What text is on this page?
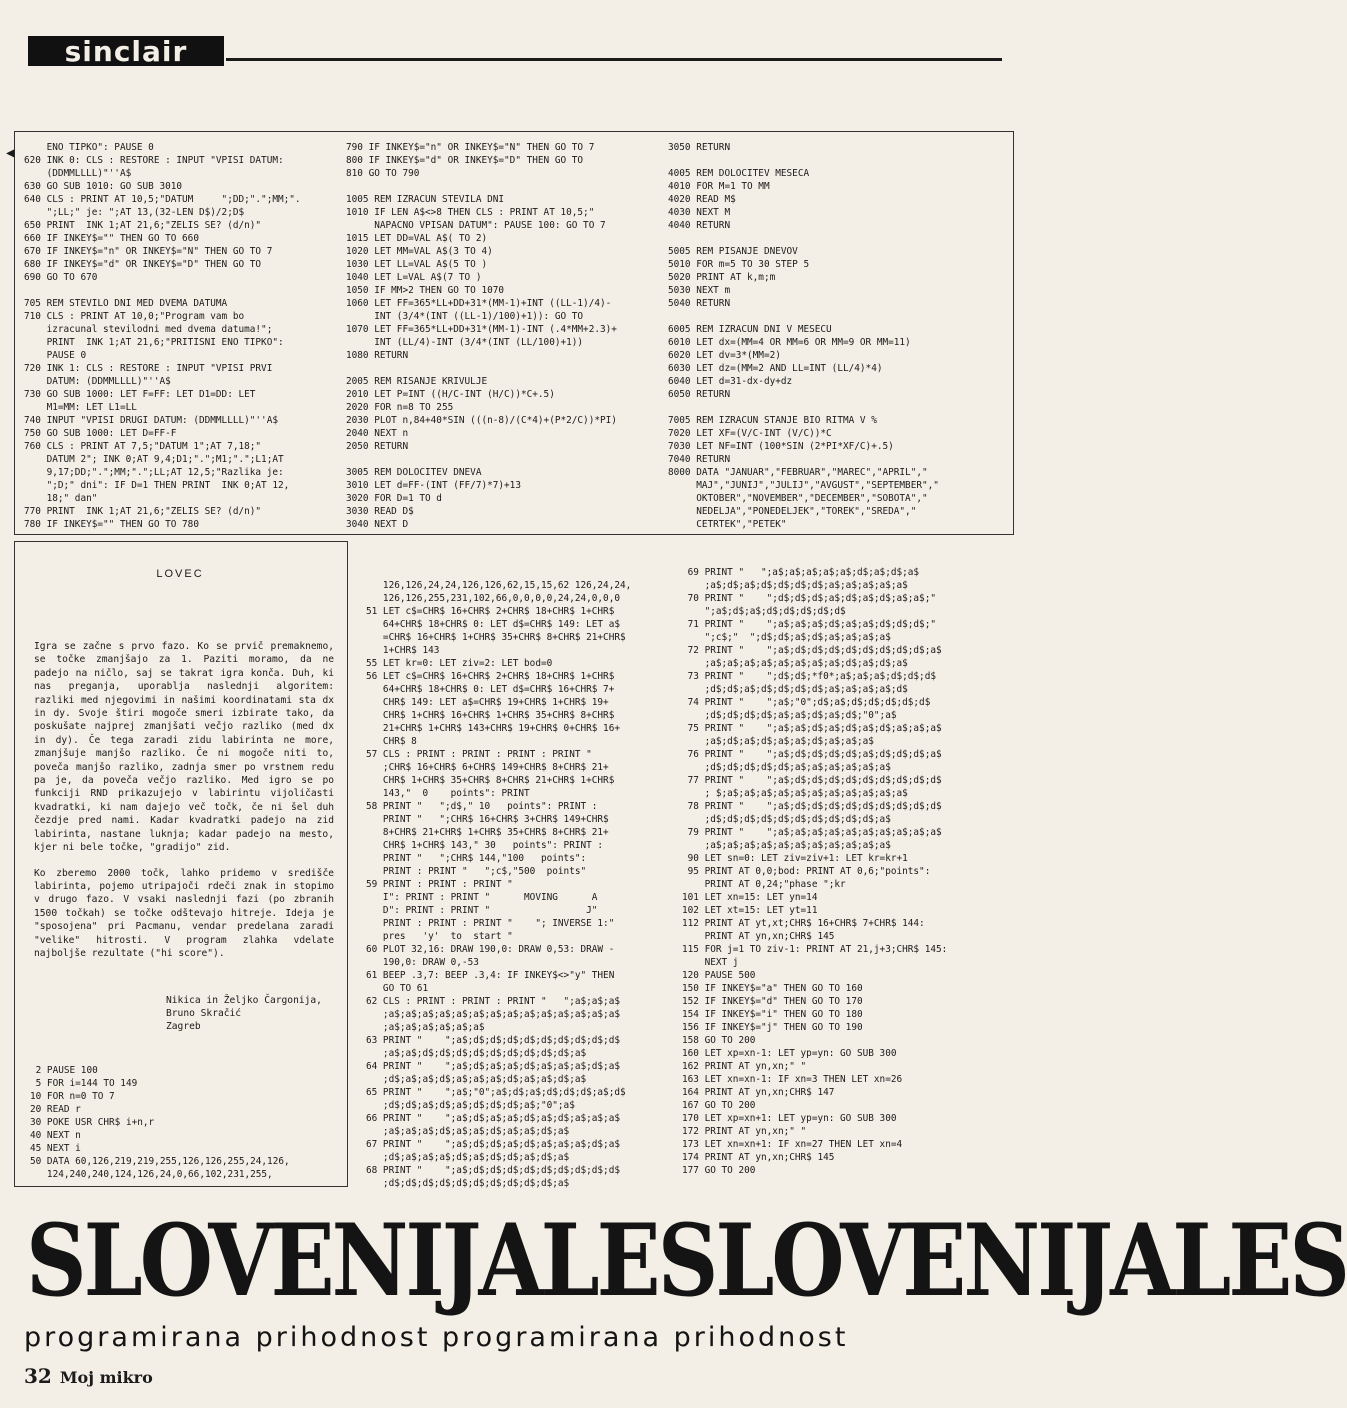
sinclair
◀	ENO TIPKO": PAUSE 0
620 INK 0: CLS : RESTORE : INPUT "VPISI DATUM:
(DDMMLLLL)"''A$
630 GO SUB 1010: GO SUB 3010
640 CLS : PRINT AT 10,5;"DATUM     ";DD;".";MM;".
";LL;" je: ";AT 13,(32-LEN D$)/2;D$
650 PRINT  INK 1;AT 21,6;"ZELIS SE? (d/n)"
660 IF INKEY$="" THEN GO TO 660
670 IF INKEY$="n" OR INKEY$="N" THEN GO TO 7
680 IF INKEY$="d" OR INKEY$="D" THEN GO TO
690 GO TO 670

705 REM STEVILO DNI MED DVEMA DATUMA
710 CLS : PRINT AT 10,0;"Program vam bo
izracunal stevilodni med dvema datuma!";
PRINT  INK 1;AT 21,6;"PRITISNI ENO TIPKO":
PAUSE 0
720 INK 1: CLS : RESTORE : INPUT "VPISI PRVI
DATUM: (DDMMLLLL)"''A$
730 GO SUB 1000: LET F=FF: LET D1=DD: LET
M1=MM: LET L1=LL
740 INPUT "VPISI DRUGI DATUM: (DDMMLLLL)"''A$
750 GO SUB 1000: LET D=FF-F
760 CLS : PRINT AT 7,5;"DATUM 1";AT 7,18;"
DATUM 2"; INK 0;AT 9,4;D1;".";M1;".";L1;AT
9,17;DD;".";MM;".";LL;AT 12,5;"Razlika je:
";D;" dni": IF D=1 THEN PRINT  INK 0;AT 12,
18;" dan"
770 PRINT  INK 1;AT 21,6;"ZELIS SE? (d/n)"
780 IF INKEY$="" THEN GO TO 780
790 IF INKEY$="n" OR INKEY$="N" THEN GO TO 7
800 IF INKEY$="d" OR INKEY$="D" THEN GO TO
810 GO TO 790

1005 REM IZRACUN STEVILA DNI
1010 IF LEN A$<>8 THEN CLS : PRINT AT 10,5;"
NAPACNO VPISAN DATUM": PAUSE 100: GO TO 7
1015 LET DD=VAL A$( TO 2)
1020 LET MM=VAL A$(3 TO 4)
1030 LET LL=VAL A$(5 TO )
1040 LET L=VAL A$(7 TO )
1050 IF MM>2 THEN GO TO 1070
1060 LET FF=365*LL+DD+31*(MM-1)+INT ((LL-1)/4)-
INT (3/4*(INT ((LL-1)/100)+1)): GO TO
1070 LET FF=365*LL+DD+31*(MM-1)-INT (.4*MM+2.3)+
INT (LL/4)-INT (3/4*(INT (LL/100)+1))
1080 RETURN

2005 REM RISANJE KRIVULJE
2010 LET P=INT ((H/C-INT (H/C))*C+.5)
2020 FOR n=8 TO 255
2030 PLOT n,84+40*SIN (((n-8)/(C*4)+(P*2/C))*PI)
2040 NEXT n
2050 RETURN

3005 REM DOLOCITEV DNEVA
3010 LET d=FF-(INT (FF/7)*7)+13
3020 FOR D=1 TO d
3030 READ D$
3040 NEXT D
3050 RETURN

4005 REM DOLOCITEV MESECA
4010 FOR M=1 TO MM
4020 READ M$
4030 NEXT M
4040 RETURN

5005 REM PISANJE DNEVOV
5010 FOR m=5 TO 30 STEP 5
5020 PRINT AT k,m;m
5030 NEXT m
5040 RETURN

6005 REM IZRACUN DNI V MESECU
6010 LET dx=(MM=4 OR MM=6 OR MM=9 OR MM=11)
6020 LET dv=3*(MM=2)
6030 LET dz=(MM=2 AND LL=INT (LL/4)*4)
6040 LET d=31-dx-dy+dz
6050 RETURN

7005 REM IZRACUN STANJE BIO RITMA V %
7020 LET XF=(V/C-INT (V/C))*C
7030 LET NF=INT (100*SIN (2*PI*XF/C)+.5)
7040 RETURN
8000 DATA "JANUAR","FEBRUAR","MAREC","APRIL","
MAJ","JUNIJ","JULIJ","AVGUST","SEPTEMBER","
OKTOBER","NOVEMBER","DECEMBER","SOBOTA","
NEDELJA","PONEDELJEK","TOREK","SREDA","
CETRTEK","PETEK"
LOVEC

Igra se začne s prvo fazo. Ko se prvič premaknemo, se točke zmanjšajo za 1. Paziti moramo, da ne padejo na ničlo, saj se takrat igra konča. Duh, ki nas preganja, uporablja naslednji algoritem: razliki med njegovimi in našimi koordinatami sta dx in dy. Svoje štiri mogoče smeri izbirate tako, da poskušate najprej zmanjšati večjo razliko (med dx in dy). Če tega zaradi zidu labirinta ne more, zmanjšuje manjšo razliko. Če ni mogoče niti to, poveča manjšo razliko, zadnja smer po vrstnem redu pa je, da poveča večjo razliko. Med igro se po funkciji RND prikazujejo v labirintu vijoličasti kvadratki, ki nam dajejo več točk, če ni šel duh čezdje pred nami. Kadar kvadratki padejo na zid labirinta, nastane luknja; kadar padejo na mesto, kjer ni bele točke, "gradijo" zid.

Ko zberemo 2000 točk, lahko pridemo v središče labirinta, pojemo utripajoči rdeči znak in stopimo v drugo fazo. V vsaki naslednji fazi (po zbranih 1500 točkah) se točke odštevajo hitreje. Ideja je "sposojena" pri Pacmanu, vendar predelana zaradi "velike" hitrosti. V program zlahka vdelate najboljše rezultate ("hi score").

Nikica in Željko Čargonija,
Bruno Skračić
Zagreb
2 PAUSE 100
5 FOR i=144 TO 149
10 FOR n=0 TO 7
20 READ r
30 POKE USR CHR$ i+n,r
40 NEXT n
45 NEXT i
50 DATA 60,126,219,219,255,126,126,255,24,126,
124,240,240,124,126,24,0,66,102,231,255,
126,126,24,24,126,126,62,15,15,62 126,24,24,
126,126,255,231,102,66,0,0,0,0,24,24,0,0,0
51 LET c$=CHR$ 16+CHR$ 2+CHR$ 18+CHR$ 1+CHR$
64+CHR$ 18+CHR$ 0: LET d$=CHR$ 149: LET a$
=CHR$ 16+CHR$ 1+CHR$ 35+CHR$ 8+CHR$ 21+CHR$
1+CHR$ 143
55 LET kr=0: LET ziv=2: LET bod=0
56 LET c$=CHR$ 16+CHR$ 2+CHR$ 18+CHR$ 1+CHR$
64+CHR$ 18+CHR$ 0: LET d$=CHR$ 16+CHR$ 7+
CHR$ 149: LET a$=CHR$ 19+CHR$ 1+CHR$ 19+
CHR$ 1+CHR$ 16+CHR$ 1+CHR$ 35+CHR$ 8+CHR$
21+CHR$ 1+CHR$ 143+CHR$ 19+CHR$ 0+CHR$ 16+
CHR$ 8
57 CLS : PRINT : PRINT : PRINT : PRINT "
;CHR$ 16+CHR$ 6+CHR$ 149+CHR$ 8+CHR$ 21+
CHR$ 1+CHR$ 35+CHR$ 8+CHR$ 21+CHR$ 1+CHR$
143,"  0    points": PRINT
58 PRINT "   ";d$," 10   points": PRINT :
PRINT "   ";CHR$ 16+CHR$ 3+CHR$ 149+CHR$
8+CHR$ 21+CHR$ 1+CHR$ 35+CHR$ 8+CHR$ 21+
CHR$ 1+CHR$ 143," 30   points": PRINT :
PRINT "   ";CHR$ 144,"100   points":
PRINT : PRINT "   ";c$,"500  points"
59 PRINT : PRINT : PRINT "
I": PRINT : PRINT "      MOVING      A
D": PRINT : PRINT "                 J"
PRINT : PRINT : PRINT "    "; INVERSE 1:"
pres   'y'  to  start "
60 PLOT 32,16: DRAW 190,0: DRAW 0,53: DRAW -
190,0: DRAW 0,-53
61 BEEP .3,7: BEEP .3,4: IF INKEY$<>"y" THEN
GO TO 61
62 CLS : PRINT : PRINT : PRINT "   ";a$;a$;a$
;a$;a$;a$;a$;a$;a$;a$;a$;a$;a$;a$;a$;a$;a$
;a$;a$;a$;a$;a$;a$
63 PRINT "    ";a$;d$;d$;d$;d$;d$;d$;d$;d$;d$
;a$;a$;d$;d$;d$;d$;d$;d$;d$;d$;d$;a$
64 PRINT "    ";a$;d$;a$;a$;d$;a$;a$;a$;d$;a$
;d$;a$;a$;d$;a$;a$;a$;d$;a$;a$;d$;a$
65 PRINT "    ";a$;"0";a$;d$;a$;d$;d$;d$;a$;d$
;d$;d$;a$;d$;a$;d$;d$;d$;a$;"0";a$
66 PRINT "    ";a$;d$;a$;a$;d$;a$;d$;a$;a$;a$
;a$;a$;a$;d$;a$;a$;d$;a$;a$;d$;a$
67 PRINT "    ";a$;d$;d$;a$;d$;a$;a$;a$;d$;a$
;d$;a$;a$;a$;d$;a$;d$;d$;a$;d$;a$
68 PRINT "    ";a$;d$;d$;d$;d$;d$;d$;d$;d$;d$
;d$;d$;d$;d$;d$;d$;d$;d$;d$;d$;a$
69 PRINT "   ";a$;a$;a$;a$;a$;d$;a$;d$;a$
;a$;d$;a$;d$;d$;d$;d$;a$;a$;a$;a$;a$
70 PRINT "    ";d$;d$;d$;a$;d$;a$;d$;a$;a$;"
";a$;d$;a$;d$;d$;d$;d$;d$
71 PRINT "    ";a$;a$;a$;d$;a$;a$;d$;d$;d$;"
";c$;"  ";d$;d$;a$;d$;a$;a$;a$;a$
72 PRINT "    ";a$;d$;d$;d$;d$;d$;d$;d$;d$;a$
;a$;a$;a$;a$;a$;a$;a$;a$;d$;a$;d$;a$
73 PRINT "    ";d$;d$;*f0*;a$;a$;a$;d$;d$;d$
;d$;d$;a$;d$;d$;d$;d$;a$;a$;a$;a$;d$
74 PRINT "    ";a$;"0";d$;a$;d$;d$;d$;d$;d$
;d$;d$;d$;d$;a$;a$;d$;a$;d$;"0";a$
75 PRINT "    ";a$;a$;d$;a$;d$;a$;d$;a$;a$;a$
;a$;d$;a$;d$;a$;a$;d$;a$;a$;a$
76 PRINT "    ";a$;d$;d$;d$;d$;a$;d$;d$;d$;a$
;d$;d$;d$;d$;d$;a$;a$;a$;a$;a$;a$
77 PRINT "    ";a$;d$;d$;d$;d$;d$;d$;d$;d$;d$
; $;a$;a$;a$;a$;a$;a$;a$;a$;a$;a$;a$
78 PRINT "    ";a$;d$;d$;d$;d$;d$;d$;d$;d$;d$
;d$;d$;d$;d$;d$;d$;d$;d$;d$;d$;a$
79 PRINT "    ";a$;a$;a$;a$;a$;a$;a$;a$;a$;a$
;a$;a$;a$;a$;a$;a$;a$;a$;a$;a$;a$
90 LET sn=0: LET ziv=ziv+1: LET kr=kr+1
95 PRINT AT 0,0;bod: PRINT AT 0,6;"points":
PRINT AT 0,24;"phase ";kr
101 LET xn=15: LET yn=14
102 LET xt=15: LET yt=11
112 PRINT AT yt,xt;CHR$ 16+CHR$ 7+CHR$ 144:
PRINT AT yn,xn;CHR$ 145
115 FOR j=1 TO ziv-1: PRINT AT 21,j+3;CHR$ 145:
NEXT j
120 PAUSE 500
150 IF INKEY$="a" THEN GO TO 160
152 IF INKEY$="d" THEN GO TO 170
154 IF INKEY$="i" THEN GO TO 180
156 IF INKEY$="j" THEN GO TO 190
158 GO TO 200
160 LET xp=xn-1: LET yp=yn: GO SUB 300
162 PRINT AT yn,xn;" "
163 LET xn=xn-1: IF xn=3 THEN LET xn=26
164 PRINT AT yn,xn;CHR$ 147
167 GO TO 200
170 LET xp=xn+1: LET yp=yn: GO SUB 300
172 PRINT AT yn,xn;" "
173 LET xn=xn+1: IF xn=27 THEN LET xn=4
174 PRINT AT yn,xn;CHR$ 145
177 GO TO 200
SLOVENIJALESLOVENIJALES
programirana prihodnost programirana prihodnost
32 Moj mikro
